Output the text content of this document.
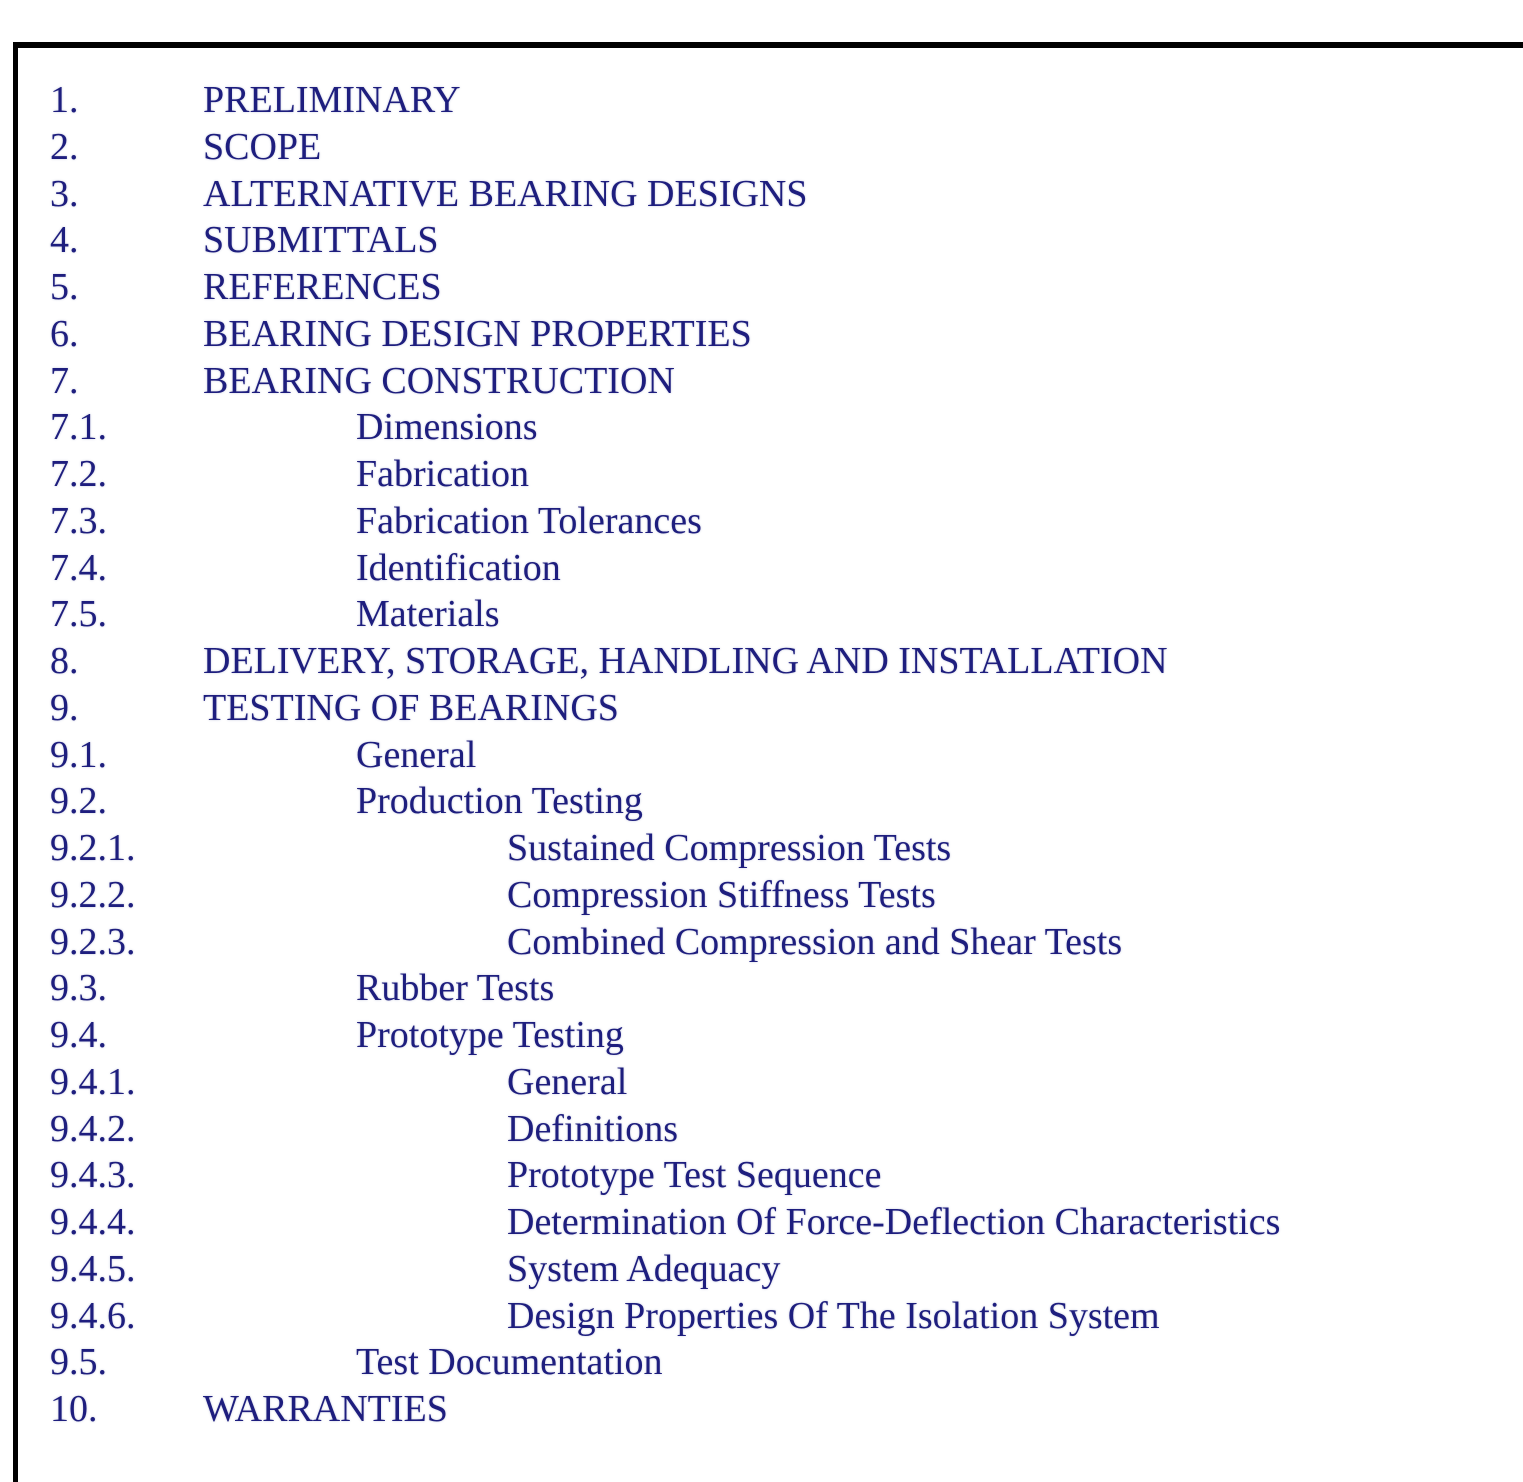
1.	PRELIMINARY
2.	SCOPE
3.	ALTERNATIVE BEARING DESIGNS
4.	SUBMITTALS
5.	REFERENCES
6.	BEARING DESIGN PROPERTIES
7.	BEARING CONSTRUCTION
7.1.	Dimensions
7.2.	Fabrication
7.3.	Fabrication Tolerances
7.4.	Identification
7.5.	Materials
8.	DELIVERY, STORAGE, HANDLING AND INSTALLATION
9.	TESTING OF BEARINGS
9.1.	General
9.2.	Production Testing
9.2.1.	Sustained Compression Tests
9.2.2.	Compression Stiffness Tests
9.2.3.	Combined Compression and Shear Tests
9.3.	Rubber Tests
9.4.	Prototype Testing
9.4.1.	General
9.4.2.	Definitions
9.4.3.	Prototype Test Sequence
9.4.4.	Determination Of Force-Deflection Characteristics
9.4.5.	System Adequacy
9.4.6.	Design Properties Of The Isolation System
9.5.	Test Documentation
10.	WARRANTIES
